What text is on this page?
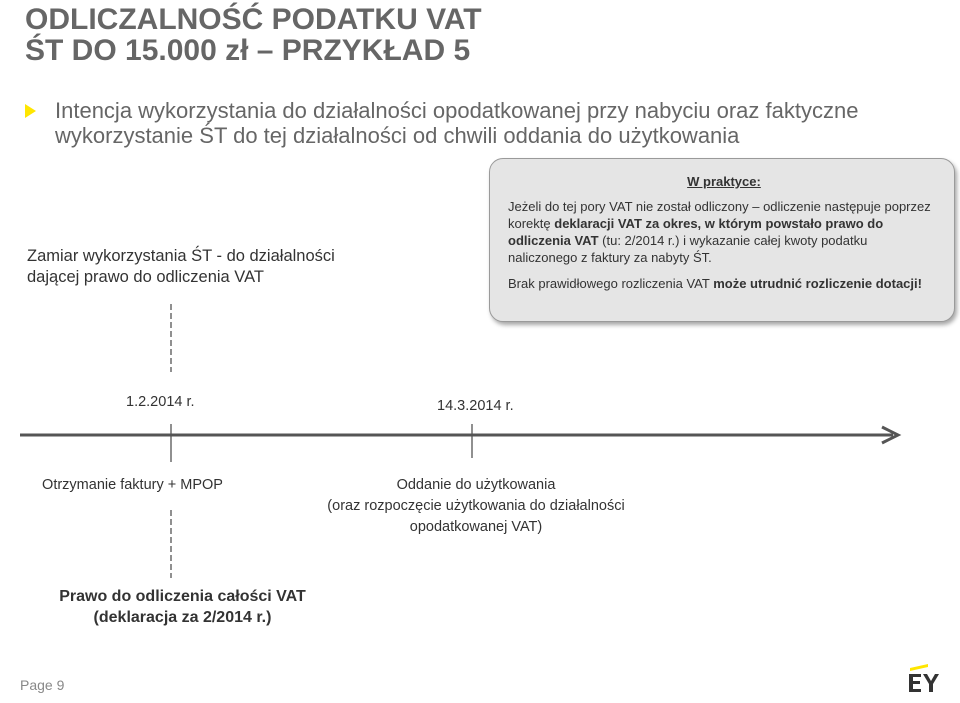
ODLICZALNOŚĆ PODATKU VAT
ŚT DO 15.000 zł – PRZYKŁAD 5
Intencja wykorzystania do działalności opodatkowanej przy nabyciu oraz faktyczne
wykorzystanie ŚT do tej działalności od chwili oddania do użytkowania
Zamiar wykorzystania ŚT - do działalności
dającej prawo do odliczenia VAT
W praktyce:

Jeżeli do tej pory VAT nie został odliczony – odliczenie następuje poprzez korektę deklaracji VAT za okres, w którym powstało prawo do odliczenia VAT (tu: 2/2014 r.) i wykazanie całej kwoty podatku naliczonego z faktury za nabyty ŚT.

Brak prawidłowego rozliczenia VAT może utrudnić rozliczenie dotacji!

1.2.2014 r.	14.3.2014 r.
Otrzymanie faktury + MPOP	Oddanie do użytkowania
(oraz rozpoczęcie użytkowania do działalności
opodatkowanej VAT)
Prawo do odliczenia całości VAT
(deklaracja za 2/2014 r.)
Page 9
